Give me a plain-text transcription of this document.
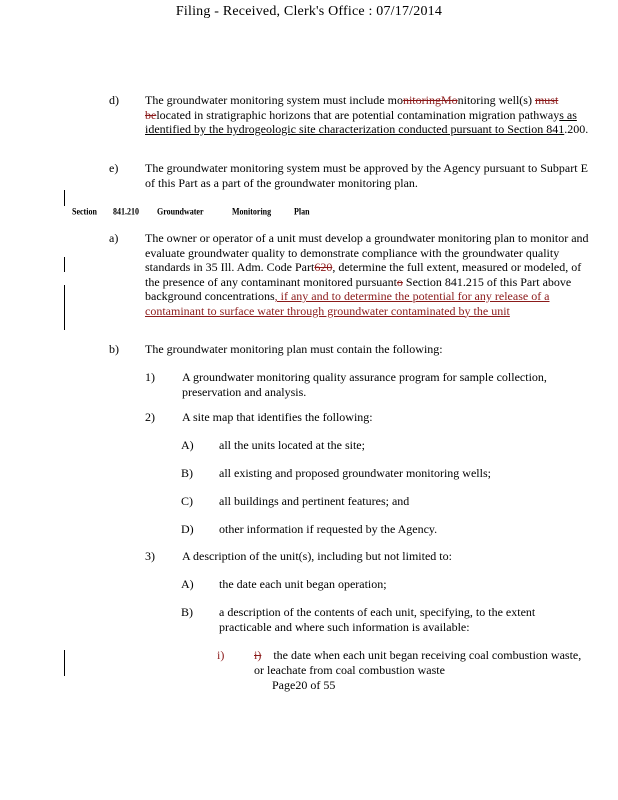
Filing - Received, Clerk's Office : 07/17/2014
d) The groundwater monitoring system must include monitoringMonitoring well(s) must belocated in stratigraphic horizons that are potential contamination migration pathways as identified by the hydrogeologic site characterization conducted pursuant to Section 841.200.
e) The groundwater monitoring system must be approved by the Agency pursuant to Subpart E of this Part as a part of the groundwater monitoring plan.
Section 841.210 Groundwater	Monitoring	Plan
a) The owner or operator of a unit must develop a groundwater monitoring plan to monitor and evaluate groundwater quality to demonstrate compliance with the groundwater quality standards in 35 Ill. Adm. Code Part620, determine the full extent, measured or modeled, of the presence of any contaminant monitored pursuanto Section 841.215 of this Part above background concentrations, if any and to determine the potential for any release of a contaminant to surface water through groundwater contaminated by the unit
b) The groundwater monitoring plan must contain the following:
1) A groundwater monitoring quality assurance program for sample collection, preservation and analysis.
2) A site map that identifies the following:
A) all the units located at the site;
B) all existing and proposed groundwater monitoring wells;
C) all buildings and pertinent features; and
D) other information if requested by the Agency.
3) A description of the unit(s), including but not limited to:
A) the date each unit began operation;
B) a description of the contents of each unit, specifying, to the extent practicable and where such information is available:
i) i) the date when each unit began receiving coal combustion waste, or leachate from coal combustion waste
Page20 of 55
